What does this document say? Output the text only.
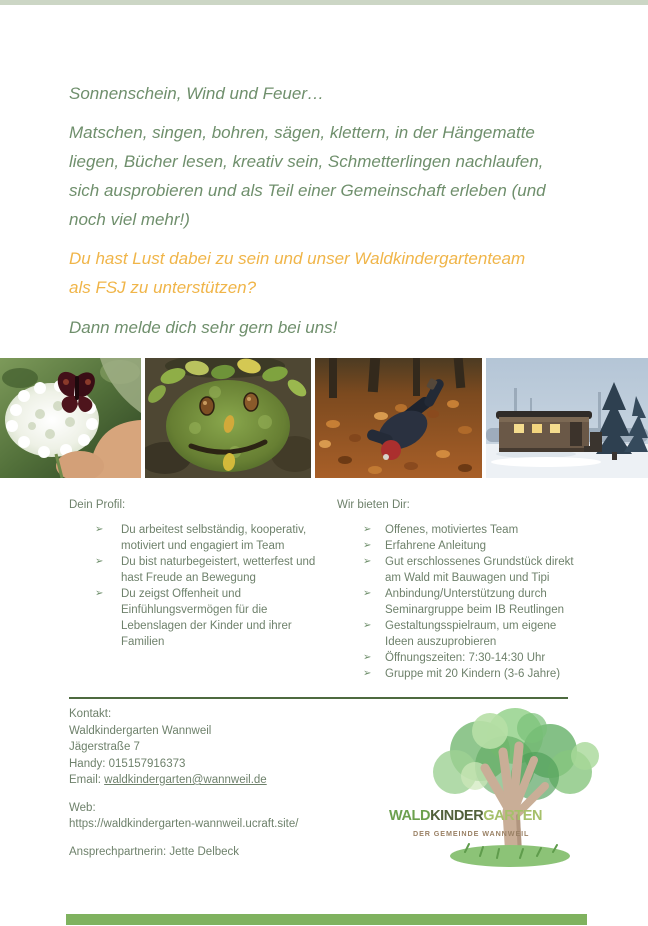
Sonnenschein, Wind und Feuer…

Matschen, singen, bohren, sägen, klettern, in der Hängematte
liegen, Bücher lesen, kreativ sein, Schmetterlingen nachlaufen,
sich ausprobieren und als Teil einer Gemeinschaft erleben (und
noch viel mehr!)

Du hast Lust dabei zu sein und unser Waldkindergartenteam
als FSJ zu unterstützen?

Dann melde dich sehr gern bei uns!

Dein Profil:
➢	Du arbeitest selbständig, kooperativ, motiviert und engagiert im Team
➢	Du bist naturbegeistert, wetterfest und hast Freude an Bewegung
➢	Du zeigst Offenheit und Einfühlungsvermögen für die Lebenslagen der Kinder und ihrer Familien
Wir bieten Dir:
➢	Offenes, motiviertes Team
➢	Erfahrene Anleitung
➢	Gut erschlossenes Grundstück direkt am Wald mit Bauwagen und Tipi
➢	Anbindung/Unterstützung durch Seminargruppe beim IB Reutlingen
➢	Gestaltungsspielraum, um eigene Ideen auszuprobieren
➢	Öffnungszeiten: 7:30-14:30 Uhr
➢	Gruppe mit 20 Kindern (3-6 Jahre)

Kontakt:

Waldkindergarten Wannweil

Jägerstraße 7

Handy: 015157916373

Email: waldkindergarten@wannweil.de

Web:

https://waldkindergarten-wannweil.ucraft.site/

Ansprechpartnerin: Jette Delbeck

WALDKINDERGARTEN
DER GEMEINDE WANNWEIL
